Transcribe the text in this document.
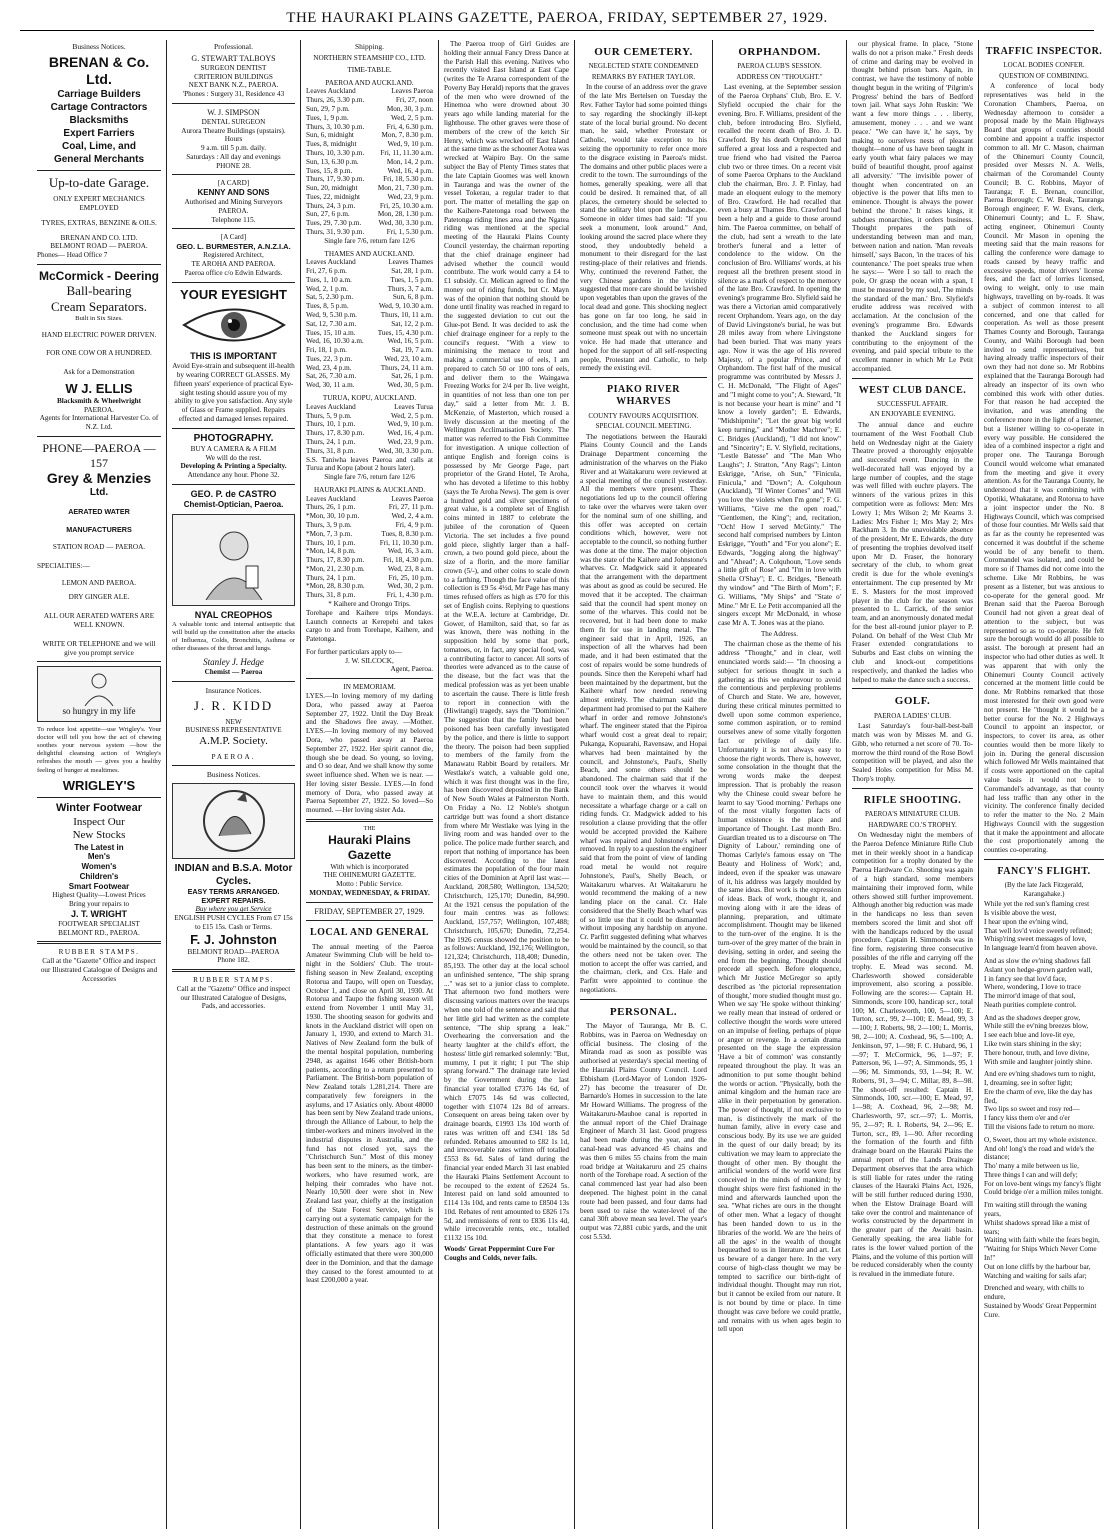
THE HAURAKI PLAINS GAZETTE, PAEROA, FRIDAY, SEPTEMBER 27, 1929.
Business Notices.
BRENAN & Co. Ltd.
Carriage Builders
Cartage Contractors
Blacksmiths
Expert Farriers
Coal, Lime, and
General Merchants
Up-to-date Garage.
ONLY EXPERT MECHANICS EMPLOYED
TYRES, EXTRAS, BENZINE & OILS.
BRENAN AND CO. LTD.
BELMONT ROAD — PAEROA.
Phones— Head Office 7
McCormick - Deering
Ball-bearing
Cream Separators.
Built in Six Sizes.
HAND ELECTRIC POWER DRIVEN.
FOR ONE COW OR A HUNDRED.
Ask for a Demonstration
W J. ELLIS
Blacksmith & Wheelwright
PAEROA.
Agents for International Harvester Co. of N.Z. Ltd.
PHONE—PAEROA —157
Grey & Menzies
Ltd.
AERATED WATER
MANUFACTURERS
STATION ROAD — PAEROA.
SPECIALTIES:—
LEMON AND PAEROA.
DRY GINGER ALE.
ALL OUR AERATED WATERS ARE WELL KNOWN.
WRITE OR TELEPHONE and we will give you prompt service
so hungry in my life
To reduce lost appetite—use Wrigley's. Your doctor will tell you how the act of chewing soothes your nervous system —how the delightful cleansing action of Wrigley's refreshes the mouth — gives you a healthy feeling of hunger at mealtimes.
WRIGLEY'S
Winter Footwear
Inspect Our
New Stocks
The Latest in
Men's
Women's
Children's
Smart Footwear
Highest Quality—Lowest Prices
Bring your repairs to
J. T. WRIGHT
FOOTWEAR SPECIALIST
BELMONT RD., PAEROA.
RUBBER STAMPS.
Call at the "Gazette" Office and inspect our Illustrated Catalogue of Designs and Accessories
Professional.
G. STEWART TALBOYS
SURGEON DENTIST
CRITERION BUILDINGS
NEXT BANK N.Z., PAEROA.
'Phones : Surgery 31, Residence 43
W. J. SIMPSON
DENTAL SURGEON
Aurora Theatre Buildings (upstairs).
Hours
9 a.m. till 5 p.m. daily.
Saturdays : All day and evenings
PHONE 28.
[A CARD]
KENNY AND SONS
Authorised and Mining Surveyors
PAEROA.
Telephone 115.
[A Card]
GEO. L. BURMESTER, A.N.Z.I.A.
Registered Architect,
TE AROHA AND PAEROA.
Paeroa office c/o Edwin Edwards.
YOUR EYESIGHT
THIS IS IMPORTANT
Avoid Eye-strain and subsequent ill-health by wearing CORRECT GLASSES. My fifteen years' experience of practical Eye-sight testing should assure you of my ability to give you satisfaction. Any style of Glass or Frame supplied. Repairs effected and damaged lenses repaired.
PHOTOGRAPHY.
BUY A CAMERA & A FILM
We will do the rest.
Developing & Printing a Specialty.
Attendance any hour. Phone 32.
GEO. P. de CASTRO
Chemist-Optician, Paeroa.
NYAL CREOPHOS
A valuable tonic and internal antiseptic that will build up the constitution after the attacks of Influenza, Colds, Bronchitis, Asthma or other diseases of the throat and lungs.
Stanley J. Hedge
Chemist — Paeroa
Insurance Notices.
J. R. KIDD
NEW
BUSINESS REPRESENTATIVE
A.M.P. Society.
PAEROA.
Business Notices.
INDIAN and B.S.A. Motor Cycles.
EASY TERMS ARRANGED.
EXPERT REPAIRS.
Buy where you get Service
ENGLISH PUSH CYCLES From £7 15s to £15 15s. Cash or Terms.
F. J. Johnston
BELMONT ROAD—PAEROA
Phone 182.
RUBBER STAMPS.
Call at the "Gazette" Office and inspect our Illustrated Catalogue of Designs, Pads, and accessories.
Shipping.
NORTHERN STEAMSHIP CO., LTD.
TIME-TABLE.
PAEROA AND AUCKLAND.
Leaves Auckland	Leaves Paeroa
Thurs, 26, 3.30 p.m.	Fri, 27, noon
Sun, 29, 7 p.m.	Mon, 30, 3 p.m.
Tues, 1, 9 p.m.	Wed, 2, 5 p.m.
Thurs, 3, 10.30 p.m.	Fri, 4, 6.30 p.m.
Sun, 6, midnight	Mon, 7, 8.30 p.m.
Tues, 8, midnight	Wed, 9, 10 p.m.
Thurs, 10, 3.30 p.m. Fri, 11, 11.30 a.m.
Sun, 13, 6.30 p.m.	Mon, 14, 2 p.m.
Tues, 15, 8 p.m.	Wed, 16, 4 p.m.
Thurs, 17, 9.30 p.m.	Fri, 18, 5.30 p.m.
Sun, 20, midnight	Mon, 21, 7.30 p.m.
Tues, 22, midnight	Wed, 23, 9 p.m.
Thurs, 24, 3 p.m.	Fri, 25, 10.30 a.m.
Sun, 27, 6 p.m.	Mon, 28, 1.30 p.m.
Tues, 29, 7.30 p.m. Wed, 30, 3.30 p.m.
Thurs, 31, 9.30 p.m.	Fri, 1, 5.30 p.m.
Single fare 7/6, return fare 12/6
THAMES AND AUCKLAND.
Leaves Auckland	Leaves Thames
Fri, 27, 6 p.m.	Sat, 28, 1 p.m.
Tues, 1, 10 a.m.	Tues, 1, 5 p.m.
Wed, 2, 1 p.m.	Thurs, 3, 7 a.m.
Sat, 5, 2.30 p.m.	Sun, 6, 8 p.m.
Tues, 8, 5 p.m.	Wed, 9, 10.30 a.m.
Wed, 9, 5.30 p.m.	Thurs, 10, 11 a.m.
Sat, 12, 7.30 a.m.	Sat, 12, 2 p.m.
Tues, 15, 10 a.m.	Tues, 15, 4.30 p.m.
Wed, 16, 10.30 a.m.	Wed, 16, 5 p.m.
Fri, 18, 1 p.m.	Sat, 19, 7 a.m.
Tues, 22, 3 p.m.	Wed, 23, 10 a.m.
Wed, 23, 4 p.m.	Thurs, 24, 11 a.m.
Sat, 26, 7.30 a.m.	Sat, 26, 1 p.m.
Wed, 30, 11 a.m.	Wed, 30, 5 p.m.
TURUA, KOPU, AUCKLAND.
Leaves Auckland	Leaves Turua
Thurs, 5, 9 p.m.	Wed, 2, 5 p.m.
Thurs, 10, 1 p.m.	Wed, 9, 10 p.m.
Thurs, 17, 8.30 p.m.	Wed, 16, 4 p.m.
Thurs, 24, 1 p.m.	Wed, 23, 9 p.m.
Thurs, 31, 8 p.m.	Wed, 30, 3.30 p.m.
S.S. Taniwha leaves Paeroa and calls at Turua and Kopu (about 2 hours later).
Single fare 7/6, return fare 12/6
HAURAKI PLAINS & AUCKLAND.
Leaves Auckland	Leaves Paeroa
Thurs, 26, 1 p.m.	Fri, 27, 11 p.m.
*Mon, 30, 10 p.m.	Wed, 2, 4 a.m.
Thurs, 3, 9 p.m.	Fri, 4, 9 p.m.
*Mon, 7, 3 p.m.	Tues, 8, 8.30 p.m.
Thurs, 10, 1 p.m.	Fri, 11, 10.30 p.m.
*Mon, 14, 8 p.m.	Wed, 16, 3 a.m.
Thurs, 17, 8.30 p.m.	Fri, 18, 4.30 p.m.
*Mon, 21, 2.30 p.m.	Wed, 23, 8 a.m.
Thurs, 24, 1 p.m.	Fri, 25, 10 p.m.
*Mon, 28, 8.30 p.m.	Wed, 30, 2 p.m.
Thurs, 31, 8 p.m.	Fri, 1, 4.30 p.m.
* Kaihere and Orongo Trips.
Torehape and Kaihere trips Mondays. Launch connects at Kerepehi and takes cargo to and from Torehape, Kaihere, and Patetonga.
For further particulars apply to—
J. W. SILCOCK,
Agent, Paeroa.
IN MEMORIAM.
LYES.—In loving memory of my darling Dora, who passed away at Paeroa September 27, 1922. Until the Day Break and the Shadows flee away. —Mother. LYES.—In loving memory of my beloved Dora, who passed away at Paeroa September 27, 1922. Her spirit cannot die, though she be dead. So young, so loving, and O so dear, And we shall know thy some sweet influence shed. When we is near. —Her loving sister Bessie. LYES.—In fond memory of Dora, who passed away at Paeroa September 27, 1922. So loved—So mourned. —Her loving sister Ada.
THE
Hauraki Plains Gazette
With which is incorporated
THE OHINEMURI GAZETTE.
Motto : Public Service.
MONDAY, WEDNESDAY, & FRIDAY.
FRIDAY, SEPTEMBER 27, 1929.
LOCAL AND GENERAL

The annual meeting of the Paeroa Amateur Swimming Club will be held to-night in the Soldiers' Club. The trout-fishing season in New Zealand, excepting Rotorua and Taupo, will open on Tuesday, October 1, and close on April 30, 1930. At Rotorua and Taupo the fishing season will extend from November 1 until May 31, 1930. The shooting season for godwits and knots in the Auckland district will open on January 1, 1930, and extend to March 31. Natives of New Zealand form the bulk of the mental hospital population, numbering 2948, as against 1646 other British-born patients, according to a return presented to Parliament. The British-born population of New Zealand totals 1,281,214. There are comparatively few foreigners in the asylums, and 17 Asiatics only. About 48000 has been sent by New Zealand trade unions, through the Alliance of Labour, to help the timber-workers and miners involved in the industrial disputes in Australia, and the fund has not closed yet, says the "Christchurch Sun." Most of this money has been sent to the miners, as the timber-workers, who have resumed work, are helping their comrades who have not. Nearly 10,500 deer were shot in New Zealand last year, chiefly at the instigation of the State Forest Service, which is carrying out a systematic campaign for the destruction of these animals on the ground that they constitute a menace to forest plantations. A few years ago it was officially estimated that there were 300,000 deer in the Dominion, and that the damage they caused to the forest amounted to at least £200,000 a year.

The Paeroa troop of Girl Guides are holding their annual Fancy Dress Dance at the Parish Hall this evening. Natives who recently visited East Island at East Cape (writes the Te Araroa correspondent of the Poverty Bay Herald) reports that the graves of the men who were drowned of the Hinemoa who were drowned about 30 years ago while landing material for the lighthouse. The other graves were those of members of the crew of the ketch Sir Henry, which was wrecked off East Island at the same time as the schooner Aotea was wrecked at Waipiro Bay. On the same subject the Bay of Plenty Times states that the late Captain Goomes was well known in Tauranga and was the owner of the vessel Tokerau, a regular trader to that port. The matter of metalling the gap on the Kaihere-Patetonga road between the Patetonga riding lines area and the Ngatea riding was mentioned at the special meeting of the Hauraki Plains County Council yesterday, the chairman reporting that the chief drainage engineer had advised whether the council would contribute. The work would carry a £4 to £1 subsidy. Cr. Melican agreed to find the money out of riding funds, but Cr. Mayn was of the opinion that nothing should be done until finality was reached in regard to the suggested deviation to cut out the Glue-pot Bend. It was decided to ask the chief drainage engineer for a reply to the council's request. "With a view to minimising the menace to trout and making a commercial use of eels, I am prepared to catch 50 or 100 tons of eels, and deliver them to the Waingawa Freezing Works for 2/4 per lb. live weight, in quantities of not less than one ton per day," said a letter from Mr. J. B. McKenzie, of Masterton, which roused a lively discussion at the meeting of the Wellington Acclimatisation Society. The matter was referred to the Fish Committee for investigation. A unique collection of antique English and foreign coins is possessed by Mr George Page, part proprietor of the Grand Hotel, Te Aroha, who has devoted a lifetime to this hobby (says the Te Aroha News). The gem is over a hundred gold and silver specimens of great value, is a complete set of English coins minted in 1887 to celebrate the jubilee of the coronation of Queen Victoria. The set includes a five pound gold piece, slightly larger than a half-crown, a two pound gold piece, about the size of a florin, and the more familiar crown (5/-), and other coins to scale down to a farthing. Though the face value of this collection is £9 5s 4½d, Mr Page has many times refused offers as high as £70 for this set of English coins. Replying to questions at the W.E.A. lecture at Cambridge, Dr. Gower, of Hamilton, said that, so far as was known, there was nothing in the supposition held by some that pork, tomatoes, or, in fact, any special food, was a contributing factor to cancer. All sorts of theories were advanced as to the cause of the disease, but the fact was that the medical profession was as yet been unable to ascertain the cause. There is little fresh to report in connection with the (Hiwitangi) tragedy, says the "Dominion." The suggestion that the family had been poisoned has been carefully investigated by the police, and there is little to support the theory. The poison had been supplied to members of the family from the Manawatu Rabbit Board by retailers. Mr Westlake's watch, a valuable gold one, which it was first thought was in the fire, has been discovered deposited in the Bank of New South Wales at Palmerston North. On Friday a No. 12 Noble's shotgun cartridge butt was found a short distance from where Mr Westlake was lying in the living room and was handed over to the police. The police made further search, and report that nothing of importance has been discovered. According to the latest estimates the population of the four main cities of the Dominion at April last was:— Auckland, 208,580; Wellington, 134,520; Christchurch, 125,170; Dunedin, 84,990. At the 1921 census the population of the four main centres was as follows: Auckland, 157,757; Wellington, 107,488; Christchurch, 105,670; Dunedin, 72,254. The 1926 census showed the position to be as follows: Auckland, 192,176; Wellington, 121,324; Christchurch, 118,408; Dunedin, 85,193. The other day at the local school an unfinished sentence, "The ship sprang ..." was set to a junior class to complete. That afternoon two fond mothers were discussing various matters over the teacups when one told of the sentence and said that her little girl had written as the complete sentence, "The ship sprang a leak." Overhearing the conversation and the hearty laughter at the child's effort, the hostess' little girl remarked solemnly: "But, mummy, I put it right; I put 'The ship sprang forward.'" The drainage rate levied by the Government during the last financial year totalled £7376 14s 6d, of which £7075 14s 6d was collected, together with £1074 12s 8d of arrears. Consequent on areas being taken over by drainage boards, £1993 13s 10d worth of rates was written off and £341 18s 5d refunded. Rebates amounted to £82 1s 1d, and irrecoverable rates written off totalled £553 8s 6d. Sales of land during the financial year ended March 31 last enabled the Hauraki Plains Settlement Account to be recouped to the extent of £2624 5s. Interest paid on land sold amounted to £114 13s 10d, and rents came to £8504 13s 10d. Rebates of rent amounted to £826 17s 5d, and remissions of rent to £836 11s 4d, while irrecoverable rents, etc., totalled £1132 15s 10d.

Woods' Great Peppermint Cure For Coughs and Colds, never fails.
OUR CEMETERY.
NEGLECTED STATE CONDEMNED
REMARKS BY FATHER TAYLOR.

In the course of an address over the grave of the late Mrs Bertelsen on Tuesday the Rev. Father Taylor had some pointed things to say regarding the shockingly ill-kept state of the local burial ground. No decent man, he said, whether Protestant or Catholic, would take exception to his seizing the opportunity to refer once more to the disgrace existing in Paeroa's midst. The domains and other public places were a credit to the town. The surroundings of the homes, generally speaking, were all that could be desired. It remained that, of all places, the cemetery should be selected to stand the solitary blot upon the landscape. Someone in older times had said: "If you seek a monument, look around." And, looking around the sacred place where they stood, they undoubtedly beheld a monument to their disregard for the last resting-place of their relatives and friends. Why, continued the reverend Father, the very Chinese gardens in the vicinity suggested that more care should be lavished upon vegetables than upon the graves of the local dead and gone. This shocking neglect has gone on far too long, he said in conclusion, and the time had come when someone must speak out with no uncertain voice. He had made that utterance and hoped for the support of all self-respecting people, Protestant and Catholic, to help remedy the existing evil.

PIAKO RIVER WHARVES
COUNTY FAVOURS ACQUISITION.
SPECIAL COUNCIL MEETING.

The negotiations between the Hauraki Plains County Council and the Lands Drainage Department concerning the administration of the wharves on the Piako River and at Waitakaruru were reviewed at a special meeting of the council yesterday. All the members were present. These negotiations led up to the council offering to take over the wharves were taken over for the nominal sum of one shilling, and this offer was accepted on certain conditions which, however, were not acceptable to the council, so nothing further was done at the time. The major objection was the state of the Kaihere and Johnstone's wharves. Cr. Madgwick said it appeared that the arrangement with the department was about as good as could be secured. He moved that it be accepted. The chairman said that the council had spent money on some of the wharves. This could not be recovered, but it had been done to make them fit for use in landing metal. The engineer said that in April, 1926, an inspection of all the wharves had been made, and it had been estimated that the cost of repairs would be some hundreds of pounds. Since then the Kerepehi wharf had been maintained by the department, but the Kaihere wharf now needed renewing almost entirely. The chairman said the department had promised to put the Kaihere wharf in order and remove Johnstone's wharf. The engineer stated that the Pipiroa wharf would cost a great deal to repair; Pukanga, Kopuarahi, Ravensaw, and Hopai wharves had been maintained by the council, and Johnstone's, Paul's, Shelly Beach, and some others should be abandoned. The chairman said that if the council took over the wharves it would have to maintain them, and this would necessitate a wharfage charge or a call on riding funds. Cr. Madgwick added to his resolution a clause providing that the offer would be accepted provided the Kaihere wharf was repaired and Johnstone's wharf removed. In reply to a question the engineer said that from the point of view of landing road metal he would not require Johnstone's, Paul's, Shelly Beach, or Waitakaruru wharves. At Waitakaruru he would recommend the making of a new landing place on the canal. Cr. Hale considered that the Shelly Beach wharf was of so little use that it could be dismantled without imposing any hardship on anyone. Cr. Parfitt suggested defining what wharves would be maintained by the council, so that the others need not be taken over. The motion to accept the offer was carried, and the chairman, clerk, and Crs. Hale and Parfitt were appointed to continue the negotiations.

PERSONAL.

The Mayor of Tauranga, Mr B. C. Robbins, was in Paeroa on Wednesday on official business. The closing of the Miranda road as soon as possible was authorised at yesterday's special meeting of the Hauraki Plains County Council. Lord Ebbisham (Lord-Mayor of London 1926-27) has become the treasurer of Dr. Barnardo's Homes in succession to the late Mr Howard Williams. The progress of the Waitakaruru-Mauhoe canal is reported in the annual report of the Chief Drainage Engineer of March 31 last. Good progress had been made during the year, and the canal-head was advanced 45 chains and was then 6 miles 55 chains from the main road bridge at Waitakaruru and 25 chains north of the Torehape road. A section of the canal commenced last year had also been deepened. The highest point in the canal route had been passed, and four dams had been used to raise the water-level of the canal 30ft above mean sea level. The year's output was 72,881 cubic yards, and the unit cost 5.53d.

ORPHANDOM.
PAEROA CLUB'S SESSION.
ADDRESS ON "THOUGHT."

Last evening, at the September session of the Paeroa Orphans' Club, Bro. E. V. Slyfield occupied the chair for the evening. Bro. F. Williams, president of the club, before introducing Bro. Slyfield, recalled the recent death of Bro. J. D. Crawford. By his death Orphandom had suffered a great loss and a respected and true friend who had visited the Paeroa club two or three times. On a recent visit of some Paeroa Orphans to the Auckland club the chairman, Bro. J. P. Finlay, had made an eloquent eulogy to the memory of Bro. Crawford. He had recalled that even a busy at Thames Bro. Crawford had been a help and a guide to those around him. The Paeroa committee, on behalf of the club, had sent a wreath to the late brother's funeral and a letter of condolence to the widow. On the conclusion of Bro. Williams' words, at his request all the brethren present stood in silence as a mark of respect to the memory of the late Bro. Crawford. In opening the evening's programme Bro. Slyfield said he was there a Victorian amid comparatively recent Orphandom. Years ago, on the day of David Livingstone's burial, he was but 28 miles away from where Livingstone had been buried. That was many years ago. Now it was the age of His revered Majesty, of a popular Prince, and of Orphandom. The first half of the musical programme was contributed by Messrs J. C. H. McDonald, "The Flight of Ages" and "I might come to you"; A. Steward, "It is not because your heart is mine" and "I know a lovely garden"; E. Edwards, "Midshipmite"; "Let the great big world keep turning," and "Mother Machree"; E. C. Bridges (Auckland), "I did not know" and "Sincerity"; E. V. Slyfield, recitations, "Lestle Batesse" and "The Man Who Laughs"; J. Stratton, "Any Rags"; Linton Eskrigge, "Arise, oh Sun," "Finicula, Finicula," and "Down"; A. Colquhoun (Auckland), "If Winter Comes" and "Will you love the violets when I'm gone"; F. G. Williams, "Give me the open road," "Gentlemen, the King"; and, recitation, "Och! How I served McGinty." The second half comprised numbers by Linton Eskrigge, "Youth" and "For you alone"; E. Edwards, "Jogging along the highway" and "Ahead"; A. Colquhoun, "Love sends a little gift of Rose" and "I'm in love with Sheila O'Shay"; E. C. Bridges, "Beneath thy window" and "The Birth of Morn"; F. G. Williams, "My Ships" and "State o' Mine." Mr E. Le Petit accompanied all the singers except Mr McDonald, in whose case Mr A. T. Jones was at the piano.

The Address.

The chairman chose as the theme of his address "Thought," and in clear, well enunciated words said:— "In choosing a subject for serious thought in such a gathering as this we endeavour to avoid the contentious and perplexing problems of Church and State. We are, however, during these critical minutes permitted to dwell upon some common experience, some common aspiration, or to remind ourselves anew of some vitally forgotten fact or privilege of daily life. Unfortunately it is not always easy to choose the right words. There is, however, some consolation in the thought that the wrong words make the deepest impression. That is probably the reason why the Chinese could swear before he learnt to say 'Good morning.' Perhaps one of the most vitally forgotten facts of human existence is the place and importance of Thought. Last month Bro. Guardian treated us to a discourse on 'The Dignity of Labour,' reminding one of Thomas Carlyle's famous essay on 'The Beauty and Holiness of Work'; and, indeed, even if the speaker was unaware of it, his address was largely moulded by the same ideas. But work is the expression of ideas. Back of work, thought it, and moving along with it are the ideas of planning, preparation, and ultimate accomplishment. Thought may be likened to the turn-over of the engine. It is the turn-over of the grey matter of the brain in devising, setting in order, and seeing the end from the beginning. Thought should precede all speech. Before eloquence, which Mr Justice McGregor so aptly described as 'the pictorial representation of thought,' more studied thought must go. When we say 'He spoke without thinking' we really mean that instead of ordered or collective thought the words were uttered on an impulse of feeling, perhaps of pique or anger or revenge. In a certain drama presented on the stage the expression 'Have a bit of common' was constantly repeated throughout the play. It was an admonition to put some thought behind the words or action. "Physically, both the animal kingdom and the human race are alike in their perpetuation by generation. The power of thought, if not exclusive to man, is distinctively the mark of the human family, alive in every case and conscious body. By its use we are guided in the quest of our daily bread; by its cultivation we may learn to appreciate the thought of other men. By thought the artificial wonders of the world were first conceived in the minds of mankind; by thought ships were first fashioned in the mind and afterwards launched upon the sea. "What riches are ours in the thought of other men. What a legacy of thought has been handed down to us in the libraries of the world. We are 'the heirs of all the ages' in the wealth of thought bequeathed to us in literature and art. Let us beware of a danger here. In the very course of high-class thought we may be tempted to sacrifice our birth-right of individual thought. Thought may run riot, but it cannot be exiled from our nature. It is not bound by time or place. In time thought was cave before we could prattle, and remains with us when ages begin to tell upon

our physical frame. In place, "Stone walls do not a prison make." Fresh deeds of crime and daring may be evolved in thought behind prison bars. Again, in contrast, we have the testimony of noble thought begun in the writing of 'Pilgrim's Progress' behind the bars of Bedford town jail. What says John Ruskin: 'We want a few more things . . . liberty, amusement, money . . . and we want peace.' "We can have it,' he says, 'by making to ourselves nests of pleasant thought—none of us have been taught in early youth what fairy palaces we may build of beautiful thought, proof against all adversity.' "The invisible power of thought when concentrated on an objective is the power that lifts men to eminence. Thought is always the power behind the throne.' It raises kings, it subdues monarchies, it orders business. Thought prepares the path of understanding between man and man, between nation and nation. 'Man reveals himself,' says Bacon, 'in the traces of his countenance.' The poet speaks true when he says:— 'Were I so tall to reach the pole, Or grasp the ocean with a span, I must be measured by my soul, The minds the standard of the man.' Bro. Slyfield's erudite address was received with acclamation. At the conclusion of the evening's programme Bro. Edwards thanked the Auckland singers for contributing to the enjoyment of the evening, and paid special tribute to the excellent manner in which Mr Le Petit accompanied.

WEST CLUB DANCE.
SUCCESSFUL AFFAIR.
AN ENJOYABLE EVENING.

The annual dance and euchre tournament of the West Football Club held on Wednesday night at the Gaiety Theatre proved a thoroughly enjoyable and successful event. Dancing in the well-decorated hall was enjoyed by a large number of couples, and the stage was well filled with euchre players. The winners of the various prizes in this competition were as follows: Men: Mrs Lowry 1; Mrs Wilson 2; Mr Kearns 3. Ladies: Mrs Fisher 1; Mrs May 2; Mrs Rackham 3. In the unavoidable absence of the president, Mr E. Edwards, the duty of presenting the trophies devolved itself upon Mr D. Fraser, the honorary secretary of the club, to whom great credit is due for the whole evening's entertainment. The cup presented by Mr E. S. Masters for the most improved player in the club for the season was presented to L. Carrick, of the senior team, and an anonymously donated medal for the best all-round junior player to P. Poland. On behalf of the West Club Mr Fraser extended congratulations to Suburbs and East clubs on winning the club and knock-out competitions respectively, and thanked the ladies who helped to make the dance such a success.

GOLF.
PAEROA LADIES' CLUB.

Last Saturday's four-ball-best-ball match was won by Misses M. and G. Gibb, who returned a net score of 70. To-morrow the third round of the Rose Bowl competition will be played, and also the Sealed Holes competition for Miss M. Thorp's trophy.

RIFLE SHOOTING.
PAEROA'S MINIATURE CLUB.
HARDWARE CO.'S TROPHY.

On Wednesday night the members of the Paeroa Defence Miniature Rifle Club met in their weekly shoot in a handicap competition for a trophy donated by the Paeroa Hardware Co. Shooting was again of a high standard, some members maintaining their improved form, while others showed still further improvement. Although another big reduction was made in the handicaps no less than seven members scored the limit and shot off with the handicaps reduced by the usual procedure. Captain H. Simmonds was in fine form, registering three consecutive possibles of the rifle and carrying off the trophy. E. Mead was second. M. Charlesworth showed considerable improvement, also scoring a possible. Following are the scores:— Captain H. Simmonds, score 100, handicap scr., total 100; M. Charlesworth, 100, 5—100; E. Turton, scr., 99, 2—100; E. Mead, 99, 3—100; J. Roberts, 98, 2—100; L. Morris, 98, 2—100; A. Coxhead, 96, 5—100; A. Jenkinson, 97, 1—98; F. C. Hubard, 96, 1—97; T. McCormick, 96, 1—97; F. Patterson, 96, 1—97; A. Simmonds, 95, 1—96; M. Simmonds, 93, 1—94; R. W. Roberts, 91, 3—94; C. Millar, 89, 8—98. The shoot-off resulted: Captain H. Simmonds, 100, scr.—100; E. Mead, 97, 1—98; A. Coxhead, 96, 2—98; M. Charlesworth, 97, scr.—97; L. Morris, 95, 2—97; R. I. Roberts, 94, 2—96; E. Turton, scr., 89, 1—90. After recording the formation of the fourth and fifth drainage board on the Hauraki Plains the annual report of the Lands Drainage Department observes that the area which is still liable for rates under the rating clauses of the Hauraki Plains Act, 1926, will be still further reduced during 1930, when the Elstow Drainage Board will take over the control and maintenance of works constructed by the department in the greater part of the Awaiti basin. Generally speaking, the area liable for rates is the lower valued portion of the Plains, and the volume of this portion will be reduced considerably when the county is revalued in the immediate future.

TRAFFIC INSPECTOR.
LOCAL BODIES CONFER.
QUESTION OF COMBINING.

A conference of local body representatives was held in the Coronation Chambers, Paeroa, on Wednesday afternoon to consider a proposal made by the Main Highways Board that groups of counties should combine and appoint a traffic inspector common to all. Mr C. Mason, chairman of the Ohinemuri County Council, presided over Messrs N. A. Wells, chairman of the Coromandel County Council; B. C. Robbins, Mayor of Tauranga; F. E. Brenan, councillor, Paeroa Borough; C. W. Beak, Tauranga Borough engineer; F. W. Evans, clerk, Ohinemuri County; and L. F. Shaw, acting engineer, Ohinemuri County Council. Mr Mason in opening the meeting said that the main reasons for calling the conference were damage to roads caused by heavy traffic and excessive speeds, motor drivers' license fees, and the fact of lorries licensed, owing to weight, only to use main highways, travelling on by-roads. It was a subject of common interest to all concerned, and one that called for cooperation. As well as those present Thames County and Borough, Tauranga County, and Waihi Borough had been invited to send representatives, but having already traffic inspectors of their own they had not done so. Mr Robbins explained that the Tauranga Borough had already an inspector of its own who combined this work with other duties. For that reason he had accepted the invitation, and was attending the conference more in the light of a listener, but a listener willing to co-operate in every way possible. He considered the idea of a combined inspector a right and proper one. The Tauranga Borough Council would welcome what emanated from the meeting and give it every attention. As for the Tauranga County, he understood that it was combining with Opotiki, Whakatane, and Rotorua to have a joint inspector under the No. 8 Highways Council, which was comprised of those four counties. Mr Wells said that as far as the county he represented was concerned it was doubtful if the scheme would be of any benefit to them. Coromandel was isolated, and could be more so if Thames did not come into the scheme. Like Mr Robbins, he was present as a listener, but was anxious to co-operate for the general good. Mr Brenan said that the Paeroa Borough Council had not given a great deal of attention to the subject, but was represented so as to co-operate. He felt sure the borough would do all possible to assist. The borough at present had an inspector who had other duties as well. It was apparent that with only the Ohinemuri County Council actively concerned at the moment little could be done. Mr Robbins remarked that those most interested for their own good were not present. He "thought it would be a better course for the No. 2 Highways Council to appoint an inspector, or inspectors, to cover its area, as other counties would then be more likely to join in. During the general discussion which followed Mr Wells maintained that if costs were apportioned on the capital value basis it would not be to Coromandel's advantage, as that county had less traffic than any other in the vicinity. The conference finally decided to refer the matter to the No. 2 Main Highways Council with the suggestion that it make the appointment and allocate the cost proportionately among the counties co-operating.

FANCY'S FLIGHT.
(By the late Jack Fitzgerald, Karangahake.)
While yet the red sun's flaming crest
Is visible above the west,
I hear upon the ev'ning wind,
That well lov'd voice sweetly refined;
Whisp'ring sweet messages of love,
In language learn'd from heaven above.
And as slow the ev'ning shadows fall
Aslant yon hedge-grown garden wall,
I in fancy see that lov'd face,
Where, wondering, I love to trace
The mirror'd image of that soul,
Neath purities complete control.
And as the shadows deeper grow,
While still the ev'ning breezes blow,
I see each blue and love-lit eye,
Like twin stars shining in the sky;
There honour, truth, and love divine,
With smile and laughter jointly shine.
And ere ev'ning shadows turn to night,
I, dreaming, see in softer light;
Ere the charm of eve, like the day has fled,
Two lips so sweet and rosy red—
I fancy kiss them o'er and o'er
Till the visions fade to return no more.
O, Sweet, thou art my whole existence.
And oh! long's the road and wide's the distance;
Tho' many a mile between us lie,
Three things I can and will defy;
For on love-bent wings my fancy's flight
Could bridge o'er a million miles tonight.
I'm waiting still through the waning years,
Whilst shadows spread like a mist of tears;
Waiting with faith while the fears begin,
"Waiting for Ships Which Never Come In!"
Out on lone cliffs by the harbour bar,
Watching and waiting for sails afar;
Drenched and weary, with chills to endure,
Sustained by Woods' Great Peppermint Cure.
